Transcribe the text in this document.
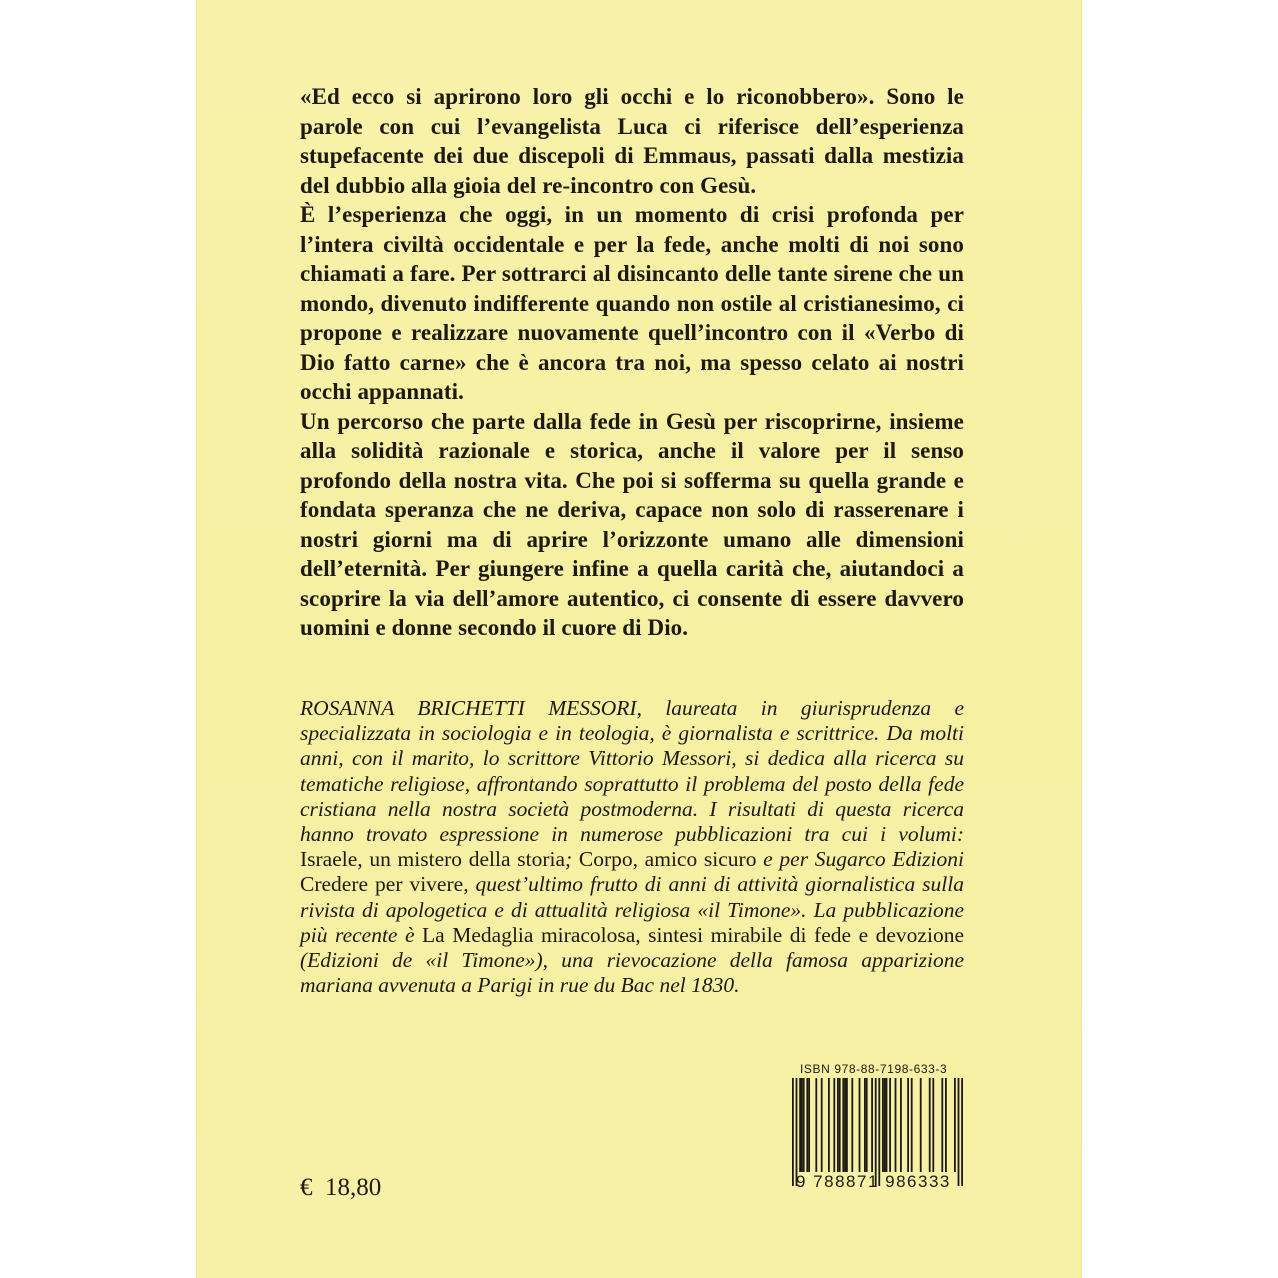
«Ed ecco si aprirono loro gli occhi e lo riconobbero». Sono le parole con cui l’evangelista Luca ci riferisce dell’esperienza stupefacente dei due discepoli di Emmaus, passati dalla mestizia del dubbio alla gioia del re-incontro con Gesù.

È l’esperienza che oggi, in un momento di crisi profonda per l’intera civiltà occidentale e per la fede, anche molti di noi sono chiamati a fare. Per sottrarci al disincanto delle tante sirene che un mondo, divenuto indifferente quando non ostile al cristianesimo, ci propone e realizzare nuovamente quell’incontro con il «Verbo di Dio fatto carne» che è ancora tra noi, ma spesso celato ai nostri occhi appannati.

Un percorso che parte dalla fede in Gesù per riscoprirne, insieme alla solidità razionale e storica, anche il valore per il senso profondo della nostra vita. Che poi si sofferma su quella grande e fondata speranza che ne deriva, capace non solo di rasserenare i nostri giorni ma di aprire l’orizzonte umano alle dimensioni dell’eternità. Per giungere infine a quella carità che, aiutandoci a scoprire la via dell’amore autentico, ci consente di essere davvero uomini e donne secondo il cuore di Dio.

ROSANNA BRICHETTI MESSORI, laureata in giurisprudenza e specializzata in sociologia e in teologia, è giornalista e scrittrice. Da molti anni, con il marito, lo scrittore Vittorio Messori, si dedica alla ricerca su tematiche religiose, affrontando soprattutto il problema del posto della fede cristiana nella nostra società postmoderna. I risultati di questa ricerca hanno trovato espressione in numerose pubblicazioni tra cui i volumi: Israele, un mistero della storia; Corpo, amico sicuro e per Sugarco Edizioni Credere per vivere, quest’ultimo frutto di anni di attività giornalistica sulla rivista di apologetica e di attualità religiosa «il Timone». La pubblicazione più recente è La Medaglia miracolosa, sintesi mirabile di fede e devozione (Edizioni de «il Timone»), una rievocazione della famosa apparizione mariana avvenuta a Parigi in rue du Bac nel 1830.
€  18,80
ISBN 978-88-7198-633-3
9 788871 986333
